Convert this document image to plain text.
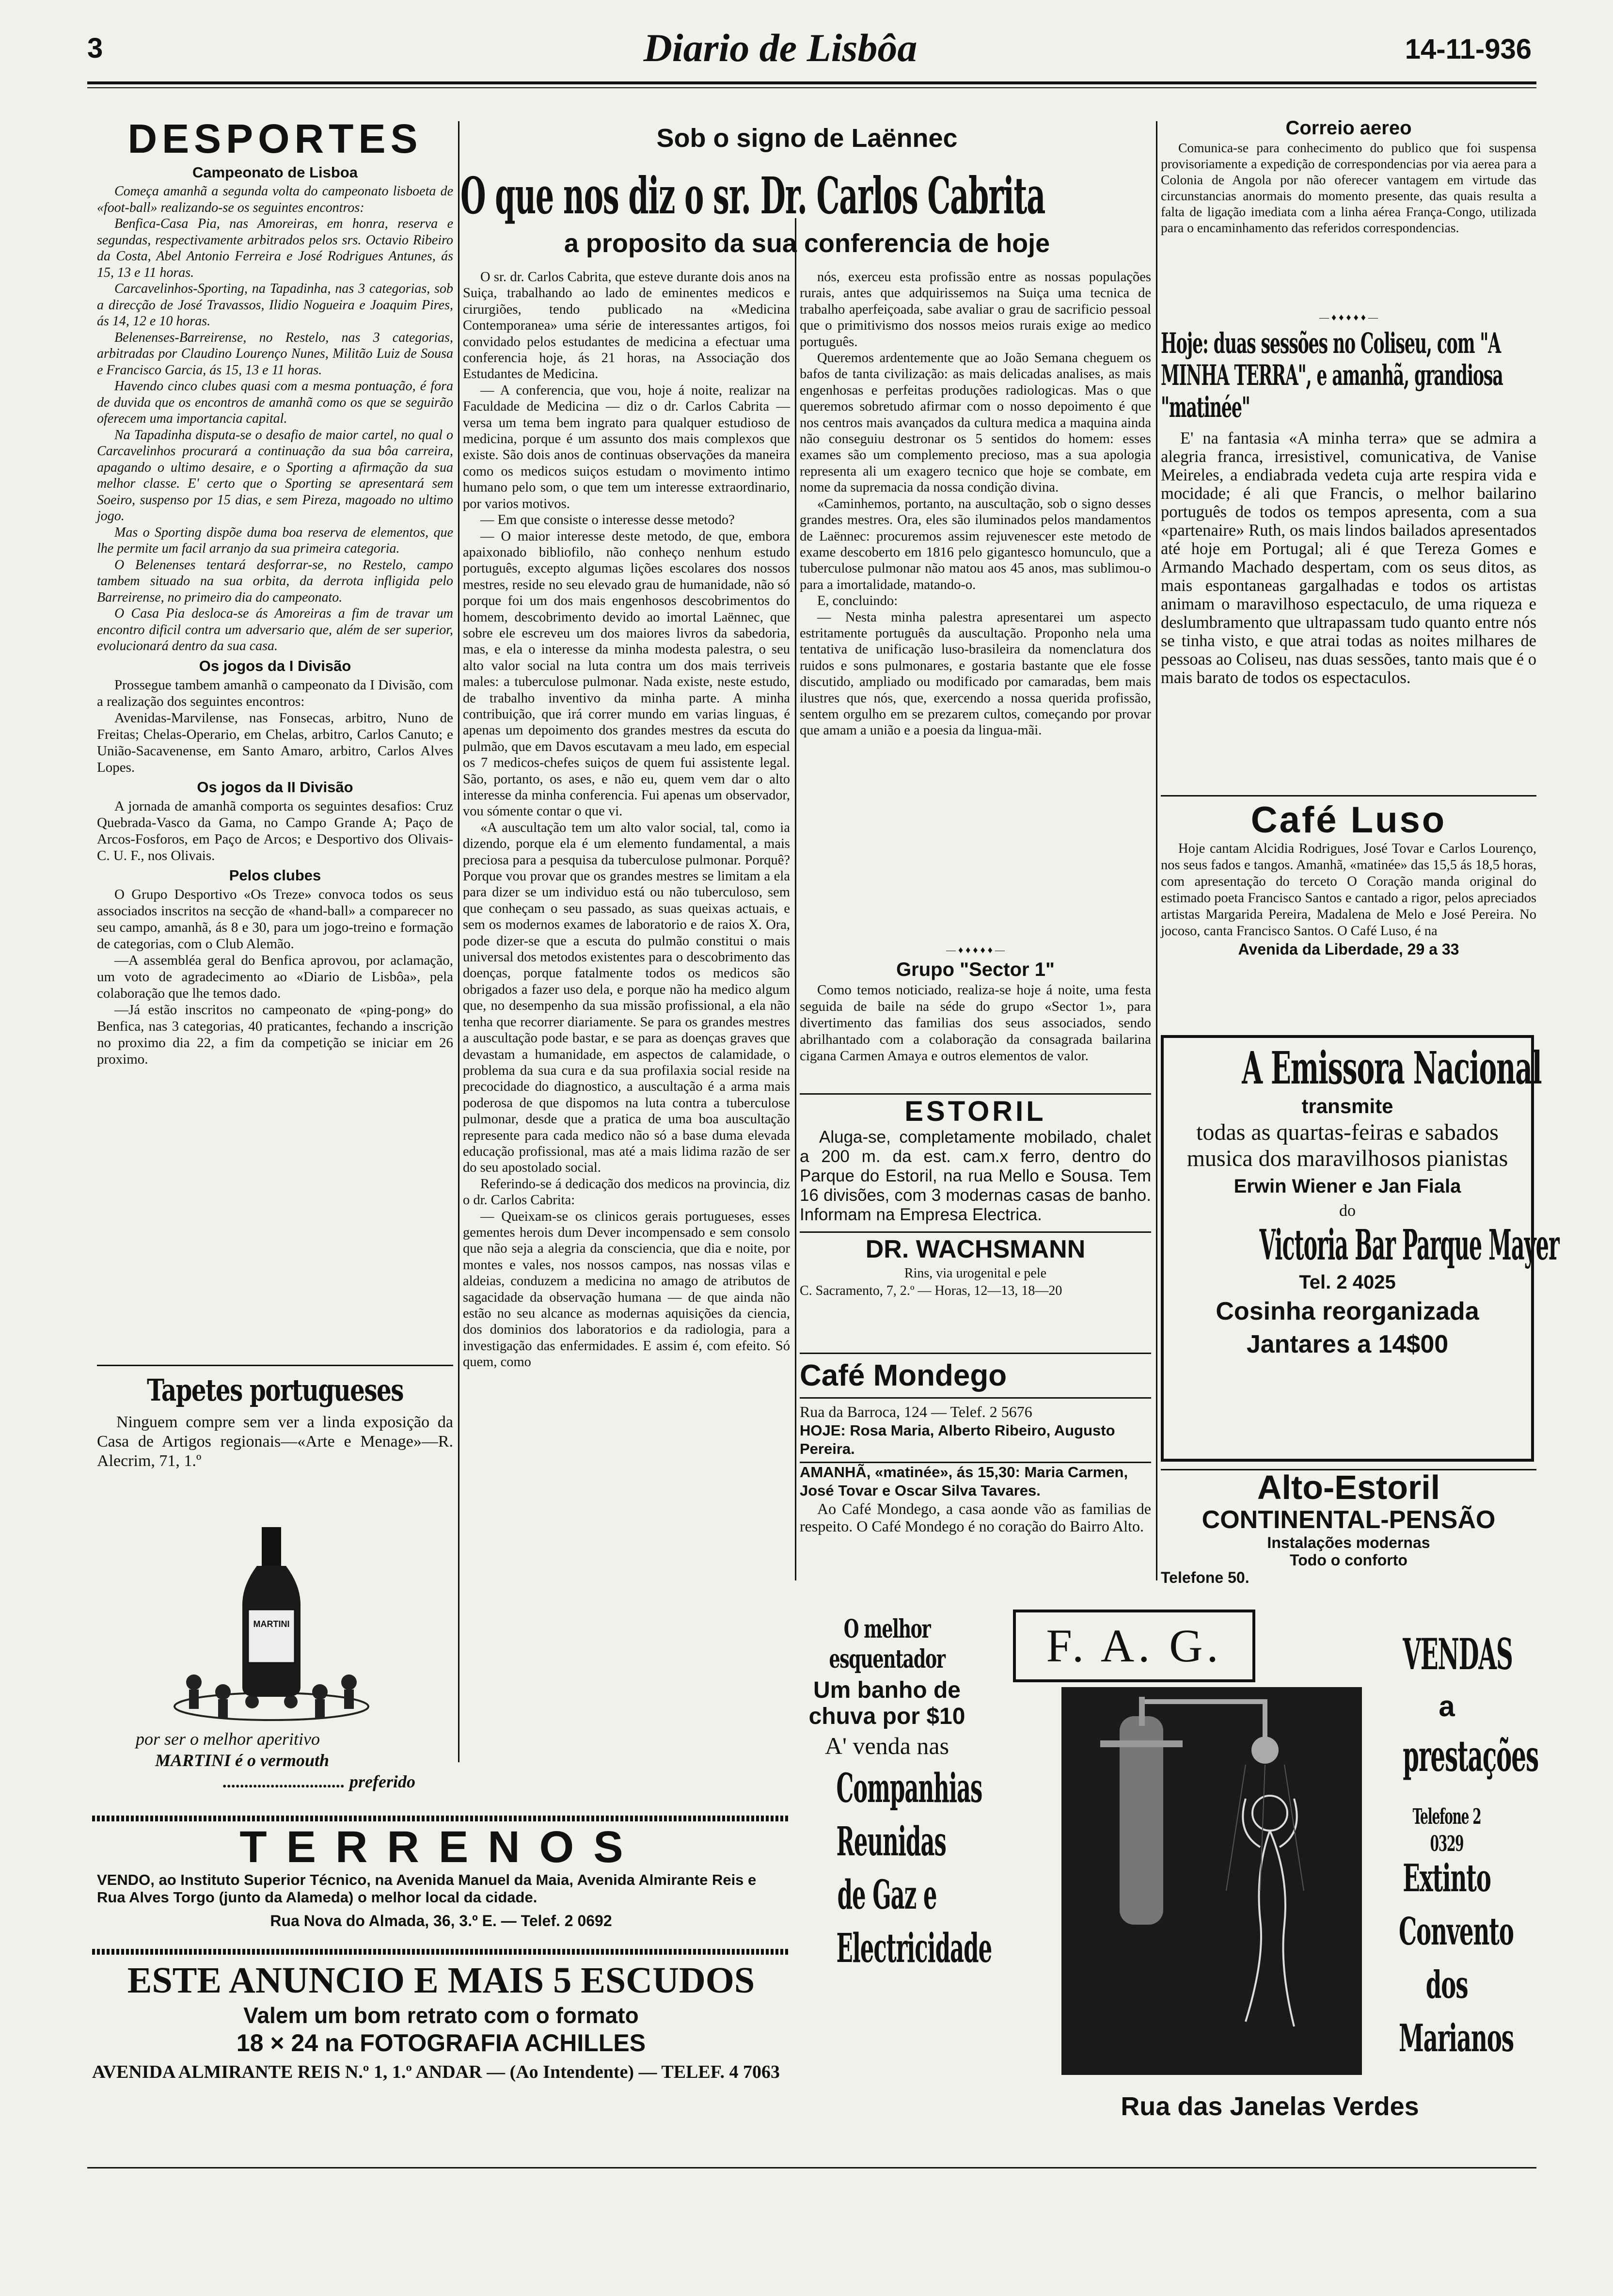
3	Diario de Lisbôa	14-11-936
DESPORTES
Campeonato de Lisboa

Começa amanhã a segunda volta do campeonato lisboeta de «foot-ball» realizando-se os seguintes encontros:

Benfica-Casa Pia, nas Amoreiras, em honra, reserva e segundas, respectivamente arbitrados pelos srs. Octavio Ribeiro da Costa, Abel Antonio Ferreira e José Rodrigues Antunes, ás 15, 13 e 11 horas.

Carcavelinhos-Sporting, na Tapadinha, nas 3 categorias, sob a direcção de José Travassos, Ilidio Nogueira e Joaquim Pires, ás 14, 12 e 10 horas.

Belenenses-Barreirense, no Restelo, nas 3 categorias, arbitradas por Claudino Lourenço Nunes, Militão Luiz de Sousa e Francisco Garcia, ás 15, 13 e 11 horas.

Havendo cinco clubes quasi com a mesma pontuação, é fora de duvida que os encontros de amanhã como os que se seguirão oferecem uma importancia capital.

Na Tapadinha disputa-se o desafio de maior cartel, no qual o Carcavelinhos procurará a continuação da sua bôa carreira, apagando o ultimo desaire, e o Sporting a afirmação da sua melhor classe. E' certo que o Sporting se apresentará sem Soeiro, suspenso por 15 dias, e sem Pireza, magoado no ultimo jogo.

Mas o Sporting dispõe duma boa reserva de elementos, que lhe permite um facil arranjo da sua primeira categoria.

O Belenenses tentará desforrar-se, no Restelo, campo tambem situado na sua orbita, da derrota infligida pelo Barreirense, no primeiro dia do campeonato.

O Casa Pia desloca-se ás Amoreiras a fim de travar um encontro dificil contra um adversario que, além de ser superior, evolucionará dentro da sua casa.

Os jogos da I Divisão

Prossegue tambem amanhã o campeonato da I Divisão, com a realização dos seguintes encontros:

Avenidas-Marvilense, nas Fonsecas, arbitro, Nuno de Freitas; Chelas-Operario, em Chelas, arbitro, Carlos Canuto; e União-Sacavenense, em Santo Amaro, arbitro, Carlos Alves Lopes.

Os jogos da II Divisão

A jornada de amanhã comporta os seguintes desafios: Cruz Quebrada-Vasco da Gama, no Campo Grande A; Paço de Arcos-Fosforos, em Paço de Arcos; e Desportivo dos Olivais-C. U. F., nos Olivais.

Pelos clubes

O Grupo Desportivo «Os Treze» convoca todos os seus associados inscritos na secção de «hand-ball» a comparecer no seu campo, amanhã, ás 8 e 30, para um jogo-treino e formação de categorias, com o Club Alemão.

—A assembléa geral do Benfica aprovou, por aclamação, um voto de agradecimento ao «Diario de Lisbôa», pela colaboração que lhe temos dado.

—Já estão inscritos no campeonato de «ping-pong» do Benfica, nas 3 categorias, 40 praticantes, fechando a inscrição no proximo dia 22, a fim da competição se iniciar em 26 proximo.

Tapetes portugueses
Ninguem compre sem ver a linda exposição da Casa de Artigos regionais—«Arte e Menage»—R. Alecrim, 71, 1.º
MARTINI
por ser o melhor aperitivo
MARTINI é o vermouth
............................ preferido
TERRENOS
VENDO, ao Instituto Superior Técnico, na Avenida Manuel da Maia, Avenida Almirante Reis e Rua Alves Torgo (junto da Alameda) o melhor local da cidade.
Rua Nova do Almada, 36, 3.º E. — Telef. 2 0692
ESTE ANUNCIO E MAIS 5 ESCUDOS
Valem um bom retrato com o formato
18 × 24 na FOTOGRAFIA ACHILLES
AVENIDA ALMIRANTE REIS N.º 1, 1.º ANDAR — (Ao Intendente) — TELEF. 4 7063
Sob o signo de Laënnec
O que nos diz o sr. Dr. Carlos Cabrita
a proposito da sua conferencia de hoje

O sr. dr. Carlos Cabrita, que esteve durante dois anos na Suiça, trabalhando ao lado de eminentes medicos e cirurgiões, tendo publicado na «Medicina Contemporanea» uma série de interessantes artigos, foi convidado pelos estudantes de medicina a efectuar uma conferencia hoje, ás 21 horas, na Associação dos Estudantes de Medicina.

— A conferencia, que vou, hoje á noite, realizar na Faculdade de Medicina — diz o dr. Carlos Cabrita — versa um tema bem ingrato para qualquer estudioso de medicina, porque é um assunto dos mais complexos que existe. São dois anos de continuas observações da maneira como os medicos suiços estudam o movimento intimo humano pelo som, o que tem um interesse extraordinario, por varios motivos.

— Em que consiste o interesse desse metodo?

— O maior interesse deste metodo, de que, embora apaixonado bibliofilo, não conheço nenhum estudo português, excepto algumas lições escolares dos nossos mestres, reside no seu elevado grau de humanidade, não só porque foi um dos mais engenhosos descobrimentos do homem, descobrimento devido ao imortal Laënnec, que sobre ele escreveu um dos maiores livros da sabedoria, mas, e ela o interesse da minha modesta palestra, o seu alto valor social na luta contra um dos mais terriveis males: a tuberculose pulmonar. Nada existe, neste estudo, de trabalho inventivo da minha parte. A minha contribuição, que irá correr mundo em varias linguas, é apenas um depoimento dos grandes mestres da escuta do pulmão, que em Davos escutavam a meu lado, em especial os 7 medicos-chefes suiços de quem fui assistente legal. São, portanto, os ases, e não eu, quem vem dar o alto interesse da minha conferencia. Fui apenas um observador, vou sómente contar o que vi.

«A auscultação tem um alto valor social, tal, como ia dizendo, porque ela é um elemento fundamental, a mais preciosa para a pesquisa da tuberculose pulmonar. Porquê? Porque vou provar que os grandes mestres se limitam a ela para dizer se um individuo está ou não tuberculoso, sem que conheçam o seu passado, as suas queixas actuais, e sem os modernos exames de laboratorio e de raios X. Ora, pode dizer-se que a escuta do pulmão constitui o mais universal dos metodos existentes para o descobrimento das doenças, porque fatalmente todos os medicos são obrigados a fazer uso dela, e porque não ha medico algum que, no desempenho da sua missão profissional, a ela não tenha que recorrer diariamente. Se para os grandes mestres a auscultação pode bastar, e se para as doenças graves que devastam a humanidade, em aspectos de calamidade, o problema da sua cura e da sua profilaxia social reside na precocidade do diagnostico, a auscultação é a arma mais poderosa de que dispomos na luta contra a tuberculose pulmonar, desde que a pratica de uma boa auscultação represente para cada medico não só a base duma elevada educação profissional, mas até a mais lidima razão de ser do seu apostolado social.

Referindo-se á dedicação dos medicos na provincia, diz o dr. Carlos Cabrita:

— Queixam-se os clinicos gerais portugueses, esses gementes herois dum Dever incompensado e sem consolo que não seja a alegria da consciencia, que dia e noite, por montes e vales, nos nossos campos, nas nossas vilas e aldeias, conduzem a medicina no amago de atributos de sagacidade da observação humana — de que ainda não estão no seu alcance as modernas aquisições da ciencia, dos dominios dos laboratorios e da radiologia, para a investigação das enfermidades. E assim é, com efeito. Só quem, como

nós, exerceu esta profissão entre as nossas populações rurais, antes que adquirissemos na Suiça uma tecnica de trabalho aperfeiçoada, sabe avaliar o grau de sacrificio pessoal que o primitivismo dos nossos meios rurais exige ao medico português.

Queremos ardentemente que ao João Semana cheguem os bafos de tanta civilização: as mais delicadas analises, as mais engenhosas e perfeitas produções radiologicas. Mas o que queremos sobretudo afirmar com o nosso depoimento é que nos centros mais avançados da cultura medica a maquina ainda não conseguiu destronar os 5 sentidos do homem: esses exames são um complemento precioso, mas a sua apologia representa ali um exagero tecnico que hoje se combate, em nome da supremacia da nossa condição divina.

«Caminhemos, portanto, na auscultação, sob o signo desses grandes mestres. Ora, eles são iluminados pelos mandamentos de Laënnec: procuremos assim rejuvenescer este metodo de exame descoberto em 1816 pelo gigantesco homunculo, que a tuberculose pulmonar não matou aos 45 anos, mas sublimou-o para a imortalidade, matando-o.

E, concluindo:

— Nesta minha palestra apresentarei um aspecto estritamente português da auscultação. Proponho nela uma tentativa de unificação luso-brasileira da nomenclatura dos ruidos e sons pulmonares, e gostaria bastante que ele fosse discutido, ampliado ou modificado por camaradas, bem mais ilustres que nós, que, exercendo a nossa querida profissão, sentem orgulho em se prezarem cultos, começando por provar que amam a união e a poesia da lingua-mãi.

— ♦ ♦ ♦ ♦ ♦ —
Grupo "Sector 1"

Como temos noticiado, realiza-se hoje á noite, uma festa seguida de baile na séde do grupo «Sector 1», para divertimento das familias dos seus associados, sendo abrilhantado com a colaboração da consagrada bailarina cigana Carmen Amaya e outros elementos de valor.

ESTORIL
Aluga-se, completamente mobilado, chalet a 200 m. da est. cam.x ferro, dentro do Parque do Estoril, na rua Mello e Sousa. Tem 16 divisões, com 3 modernas casas de banho. Informam na Empresa Electrica.
DR. WACHSMANN
Rins, via urogenital e pele
C. Sacramento, 7, 2.º — Horas, 12—13, 18—20
Café Mondego
Rua da Barroca, 124 — Telef. 2 5676
HOJE: Rosa Maria, Alberto Ribeiro, Augusto Pereira.
AMANHÃ, «matinée», ás 15,30: Maria Carmen, José Tovar e Oscar Silva Tavares.
Ao Café Mondego, a casa aonde vão as familias de respeito. O Café Mondego é no coração do Bairro Alto.
Correio aereo

Comunica-se para conhecimento do publico que foi suspensa provisoriamente a expedição de correspondencias por via aerea para a Colonia de Angola por não oferecer vantagem em virtude das circunstancias anormais do momento presente, das quais resulta a falta de ligação imediata com a linha aérea França-Congo, utilizada para o encaminhamento das referidos correspondencias.

— ♦ ♦ ♦ ♦ ♦ —
Hoje: duas sessões no Coliseu, com "A MINHA TERRA", e amanhã, grandiosa "matinée"
E' na fantasia «A minha terra» que se admira a alegria franca, irresistivel, comunicativa, de Vanise Meireles, a endiabrada vedeta cuja arte respira vida e mocidade; é ali que Francis, o melhor bailarino português de todos os tempos apresenta, com a sua «partenaire» Ruth, os mais lindos bailados apresentados até hoje em Portugal; ali é que Tereza Gomes e Armando Machado despertam, com os seus ditos, as mais espontaneas gargalhadas e todos os artistas animam o maravilhoso espectaculo, de uma riqueza e deslumbramento que ultrapassam tudo quanto entre nós se tinha visto, e que atrai todas as noites milhares de pessoas ao Coliseu, nas duas sessões, tanto mais que é o mais barato de todos os espectaculos.
Café Luso

Hoje cantam Alcidia Rodrigues, José Tovar e Carlos Lourenço, nos seus fados e tangos. Amanhã, «matinée» das 15,5 ás 18,5 horas, com apresentação do terceto O Coração manda original do estimado poeta Francisco Santos e cantado a rigor, pelos apreciados artistas Margarida Pereira, Madalena de Melo e José Pereira. No jocoso, canta Francisco Santos. O Café Luso, é na

Avenida da Liberdade, 29 a 33
A Emissora Nacional
transmite
todas as quartas-feiras e sabados musica dos maravilhosos pianistas
Erwin Wiener e Jan Fiala
do
Victoria Bar Parque Mayer
Tel. 2 4025
Cosinha reorganizada
Jantares a 14$00
Alto-Estoril
CONTINENTAL-PENSÃO
Instalações modernas
Todo o conforto
Telefone 50.
O melhor
esquentador
Um banho de chuva por $10
A' venda nas
Companhias Reunidas de Gaz e Electricidade
F. A. G.	VENDAS
a
prestações
Telefone 2 0329
Extinto Convento dos Marianos
Rua das Janelas Verdes
